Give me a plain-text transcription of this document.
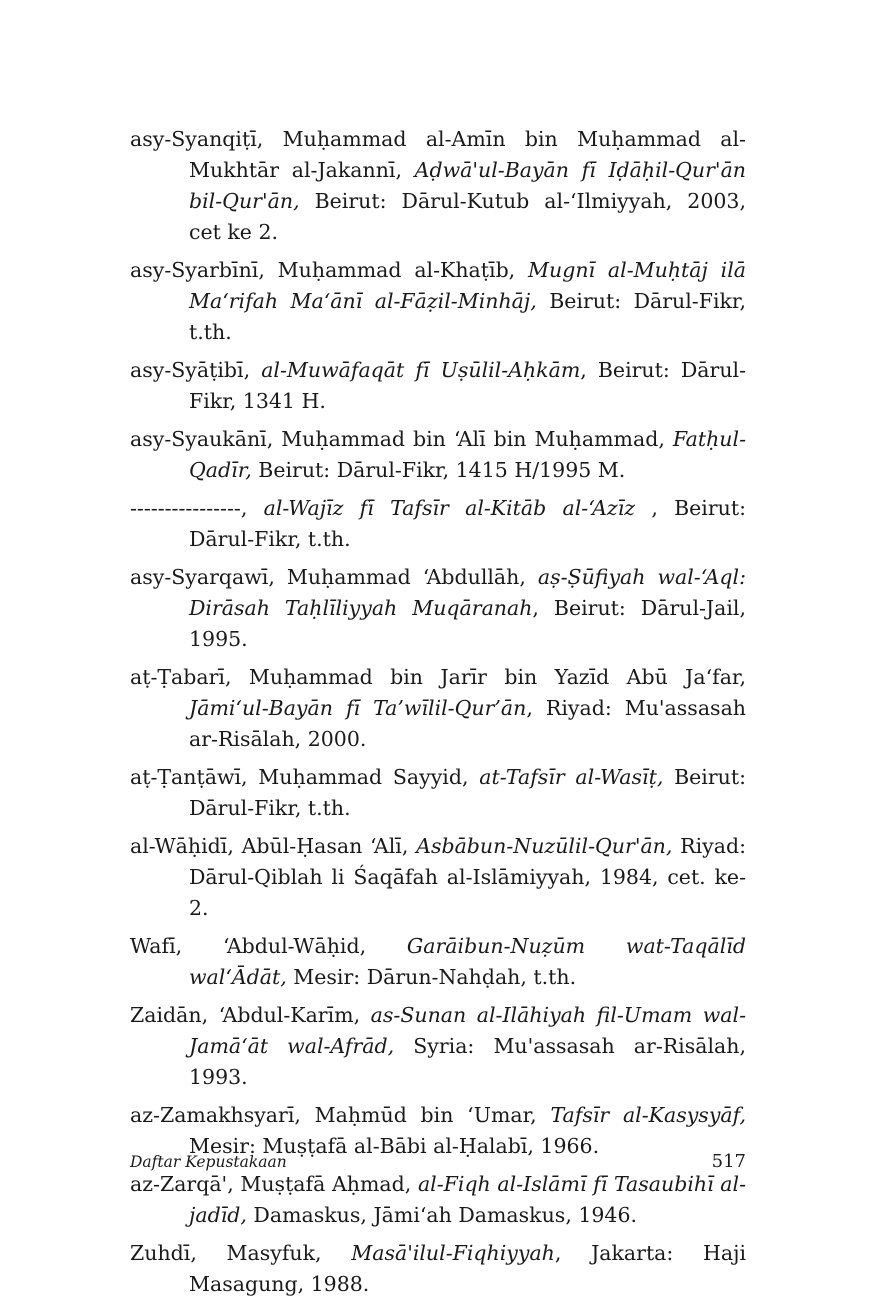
asy-Syanqiṭī, Muḥammad al-Amīn bin Muḥammad al-Mukhtār al-Jakannī, Aḍwā'ul-Bayān fī Iḍāḥil-Qur'ān bil-Qur'ān, Beirut: Dārul-Kutub al-‘Ilmiyyah, 2003, cet ke 2.

asy-Syarbīnī, Muḥammad al-Khaṭīb, Mugnī al-Muḥtāj ilā Ma‘rifah Ma‘ānī al-Fāẓil-Minhāj, Beirut: Dārul-Fikr, t.th.

asy-Syāṭibī, al-Muwāfaqāt fī Uṣūlil-Aḥkām, Beirut: Dārul-Fikr, 1341 H.

asy-Syaukānī, Muḥammad bin ‘Alī bin Muḥammad, Fatḥul-Qadīr, Beirut: Dārul-Fikr, 1415 H/1995 M.

----------------, al-Wajīz fī Tafsīr al-Kitāb al-‘Azīz , Beirut: Dārul-Fikr, t.th.

asy-Syarqawī, Muḥammad ‘Abdullāh, aṣ-Ṣūfiyah wal-‘Aql: Dirāsah Taḥlīliyyah Muqāranah, Beirut: Dārul-Jail, 1995.

aṭ-Ṭabarī, Muḥammad bin Jarīr bin Yazīd Abū Ja‘far, Jāmi‘ul-Bayān fī Ta’wīlil-Qur’ān, Riyad: Mu'assasah ar-Risālah, 2000.

aṭ-Ṭanṭāwī, Muḥammad Sayyid, at-Tafsīr al-Wasīṭ, Beirut: Dārul-Fikr, t.th.

al-Wāḥidī, Abūl-Ḥasan ‘Alī, Asbābun-Nuzūlil-Qur'ān, Riyad: Dārul-Qiblah li Śaqāfah al-Islāmiyyah, 1984, cet. ke-2.

Wafī, ‘Abdul-Wāḥid, Garāibun-Nuẓūm wat-Taqālīd wal‘Ādāt, Mesir: Dārun-Nahḍah, t.th.

Zaidān, ‘Abdul-Karīm, as-Sunan al-Ilāhiyah fil-Umam wal-Jamā‘āt wal-Afrād, Syria: Mu'assasah ar-Risālah, 1993.

az-Zamakhsyarī, Maḥmūd bin ‘Umar, Tafsīr al-Kasysyāf, Mesir: Muṣṭafā al-Bābi al-Ḥalabī, 1966.

az-Zarqā', Muṣṭafā Aḥmad, al-Fiqh al-Islāmī fī Tasaubihī al-jadīd, Damaskus, Jāmi‘ah Damaskus, 1946.

Zuhdī, Masyfuk, Masā'ilul-Fiqhiyyah, Jakarta: Haji Masagung, 1988.

Daftar Kepustakaan	517
